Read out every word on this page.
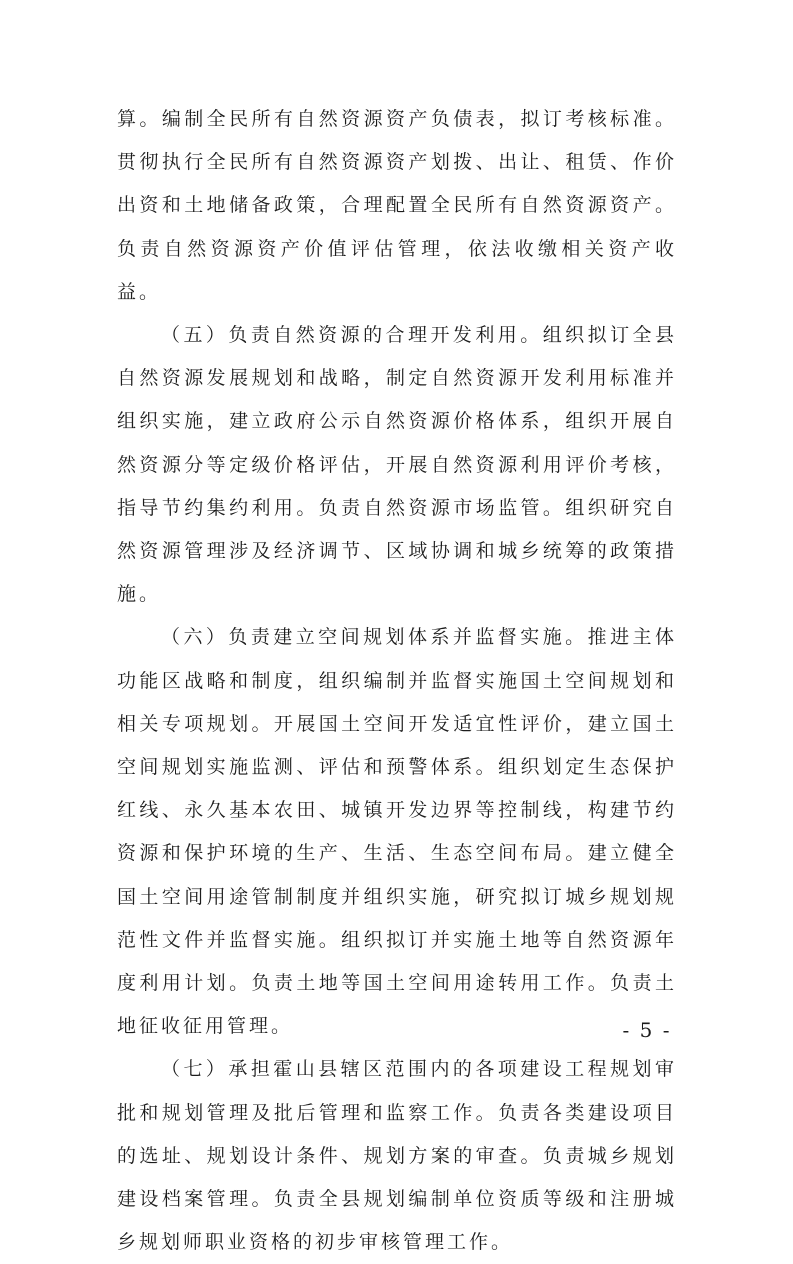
算。编制全民所有自然资源资产负债表，拟订考核标准。贯彻执行全民所有自然资源资产划拨、出让、租赁、作价出资和土地储备政策，合理配置全民所有自然资源资产。负责自然资源资产价值评估管理，依法收缴相关资产收益。

（五）负责自然资源的合理开发利用。组织拟订全县自然资源发展规划和战略，制定自然资源开发利用标准并组织实施，建立政府公示自然资源价格体系，组织开展自然资源分等定级价格评估，开展自然资源利用评价考核，指导节约集约利用。负责自然资源市场监管。组织研究自然资源管理涉及经济调节、区域协调和城乡统筹的政策措施。

（六）负责建立空间规划体系并监督实施。推进主体功能区战略和制度，组织编制并监督实施国土空间规划和相关专项规划。开展国土空间开发适宜性评价，建立国土空间规划实施监测、评估和预警体系。组织划定生态保护红线、永久基本农田、城镇开发边界等控制线，构建节约资源和保护环境的生产、生活、生态空间布局。建立健全国土空间用途管制制度并组织实施，研究拟订城乡规划规范性文件并监督实施。组织拟订并实施土地等自然资源年度利用计划。负责土地等国土空间用途转用工作。负责土地征收征用管理。

（七）承担霍山县辖区范围内的各项建设工程规划审批和规划管理及批后管理和监察工作。负责各类建设项目的选址、规划设计条件、规划方案的审查。负责城乡规划建设档案管理。负责全县规划编制单位资质等级和注册城乡规划师职业资格的初步审核管理工作。

- 5 -
